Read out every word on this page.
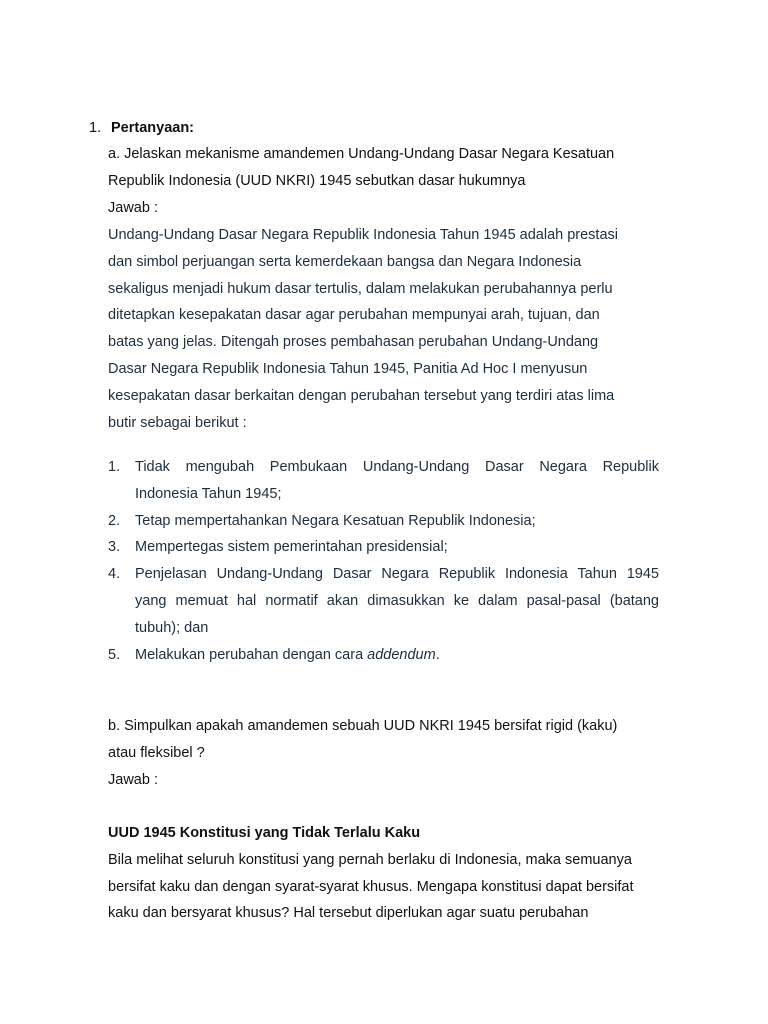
1. Pertanyaan:
a. Jelaskan mekanisme amandemen Undang-Undang Dasar Negara Kesatuan
Republik Indonesia (UUD NKRI) 1945 sebutkan dasar hukumnya
Jawab :
Undang-Undang Dasar Negara Republik Indonesia Tahun 1945 adalah prestasi
dan simbol perjuangan serta kemerdekaan bangsa dan Negara Indonesia
sekaligus menjadi hukum dasar tertulis, dalam melakukan perubahannya perlu
ditetapkan kesepakatan dasar agar perubahan mempunyai arah, tujuan, dan
batas yang jelas. Ditengah proses pembahasan perubahan Undang-Undang
Dasar Negara Republik Indonesia Tahun 1945, Panitia Ad Hoc I menyusun
kesepakatan dasar berkaitan dengan perubahan tersebut yang terdiri atas lima
butir sebagai berikut :
1. Tidak mengubah Pembukaan Undang-Undang Dasar Negara Republik
Indonesia Tahun 1945;
2. Tetap mempertahankan Negara Kesatuan Republik Indonesia;
3. Mempertegas sistem pemerintahan presidensial;
4. Penjelasan Undang-Undang Dasar Negara Republik Indonesia Tahun 1945
yang memuat hal normatif akan dimasukkan ke dalam pasal-pasal (batang
tubuh); dan
5. Melakukan perubahan dengan cara addendum.
b. Simpulkan apakah amandemen sebuah UUD NKRI 1945 bersifat rigid (kaku)
atau fleksibel ?
Jawab :
UUD 1945 Konstitusi yang Tidak Terlalu Kaku
Bila melihat seluruh konstitusi yang pernah berlaku di Indonesia, maka semuanya
bersifat kaku dan dengan syarat-syarat khusus. Mengapa konstitusi dapat bersifat
kaku dan bersyarat khusus? Hal tersebut diperlukan agar suatu perubahan
